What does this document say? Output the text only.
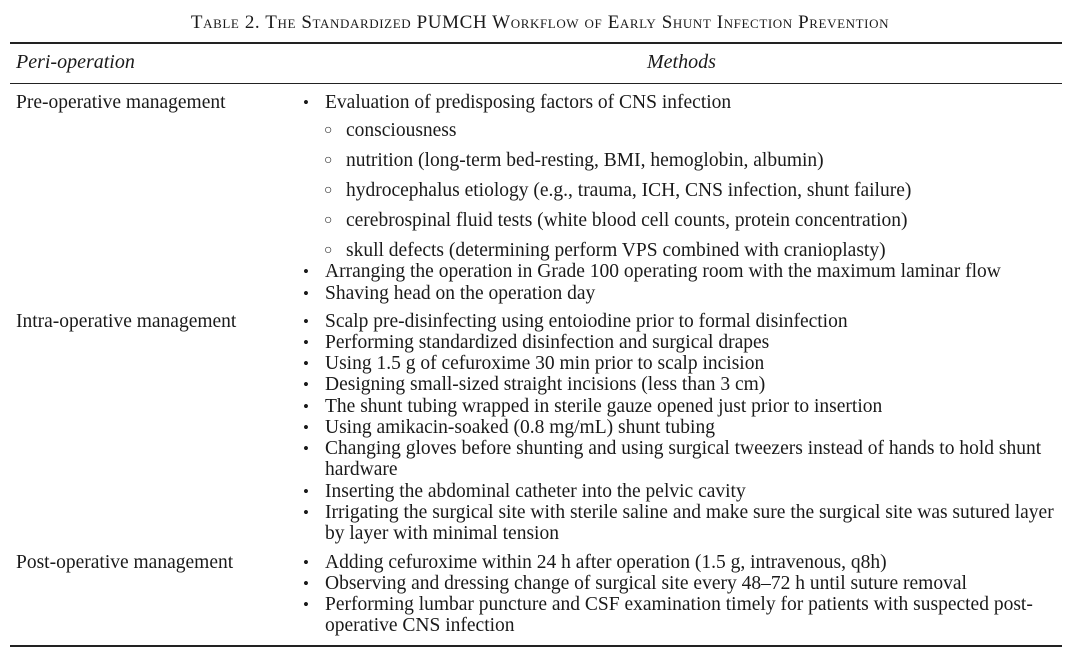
Table 2. The Standardized PUMCH Workflow of Early Shunt Infection Prevention
Peri-operation	Methods
Pre-operative management	• Evaluation of predisposing factors of CNS infection
○ consciousness
○ nutrition (long-term bed-resting, BMI, hemoglobin, albumin)
○ hydrocephalus etiology (e.g., trauma, ICH, CNS infection, shunt failure)
○ cerebrospinal fluid tests (white blood cell counts, protein concentration)
○ skull defects (determining perform VPS combined with cranioplasty)
• Arranging the operation in Grade 100 operating room with the maximum laminar flow
• Shaving head on the operation day
Intra-operative management	• Scalp pre-disinfecting using entoiodine prior to formal disinfection
• Performing standardized disinfection and surgical drapes
• Using 1.5 g of cefuroxime 30 min prior to scalp incision
• Designing small-sized straight incisions (less than 3 cm)
• The shunt tubing wrapped in sterile gauze opened just prior to insertion
• Using amikacin-soaked (0.8 mg/mL) shunt tubing
• Changing gloves before shunting and using surgical tweezers instead of hands to hold shunt hardware
• Inserting the abdominal catheter into the pelvic cavity
• Irrigating the surgical site with sterile saline and make sure the surgical site was sutured layer by layer with minimal tension
Post-operative management	• Adding cefuroxime within 24 h after operation (1.5 g, intravenous, q8h)
• Observing and dressing change of surgical site every 48–72 h until suture removal
• Performing lumbar puncture and CSF examination timely for patients with suspected post-operative CNS infection
